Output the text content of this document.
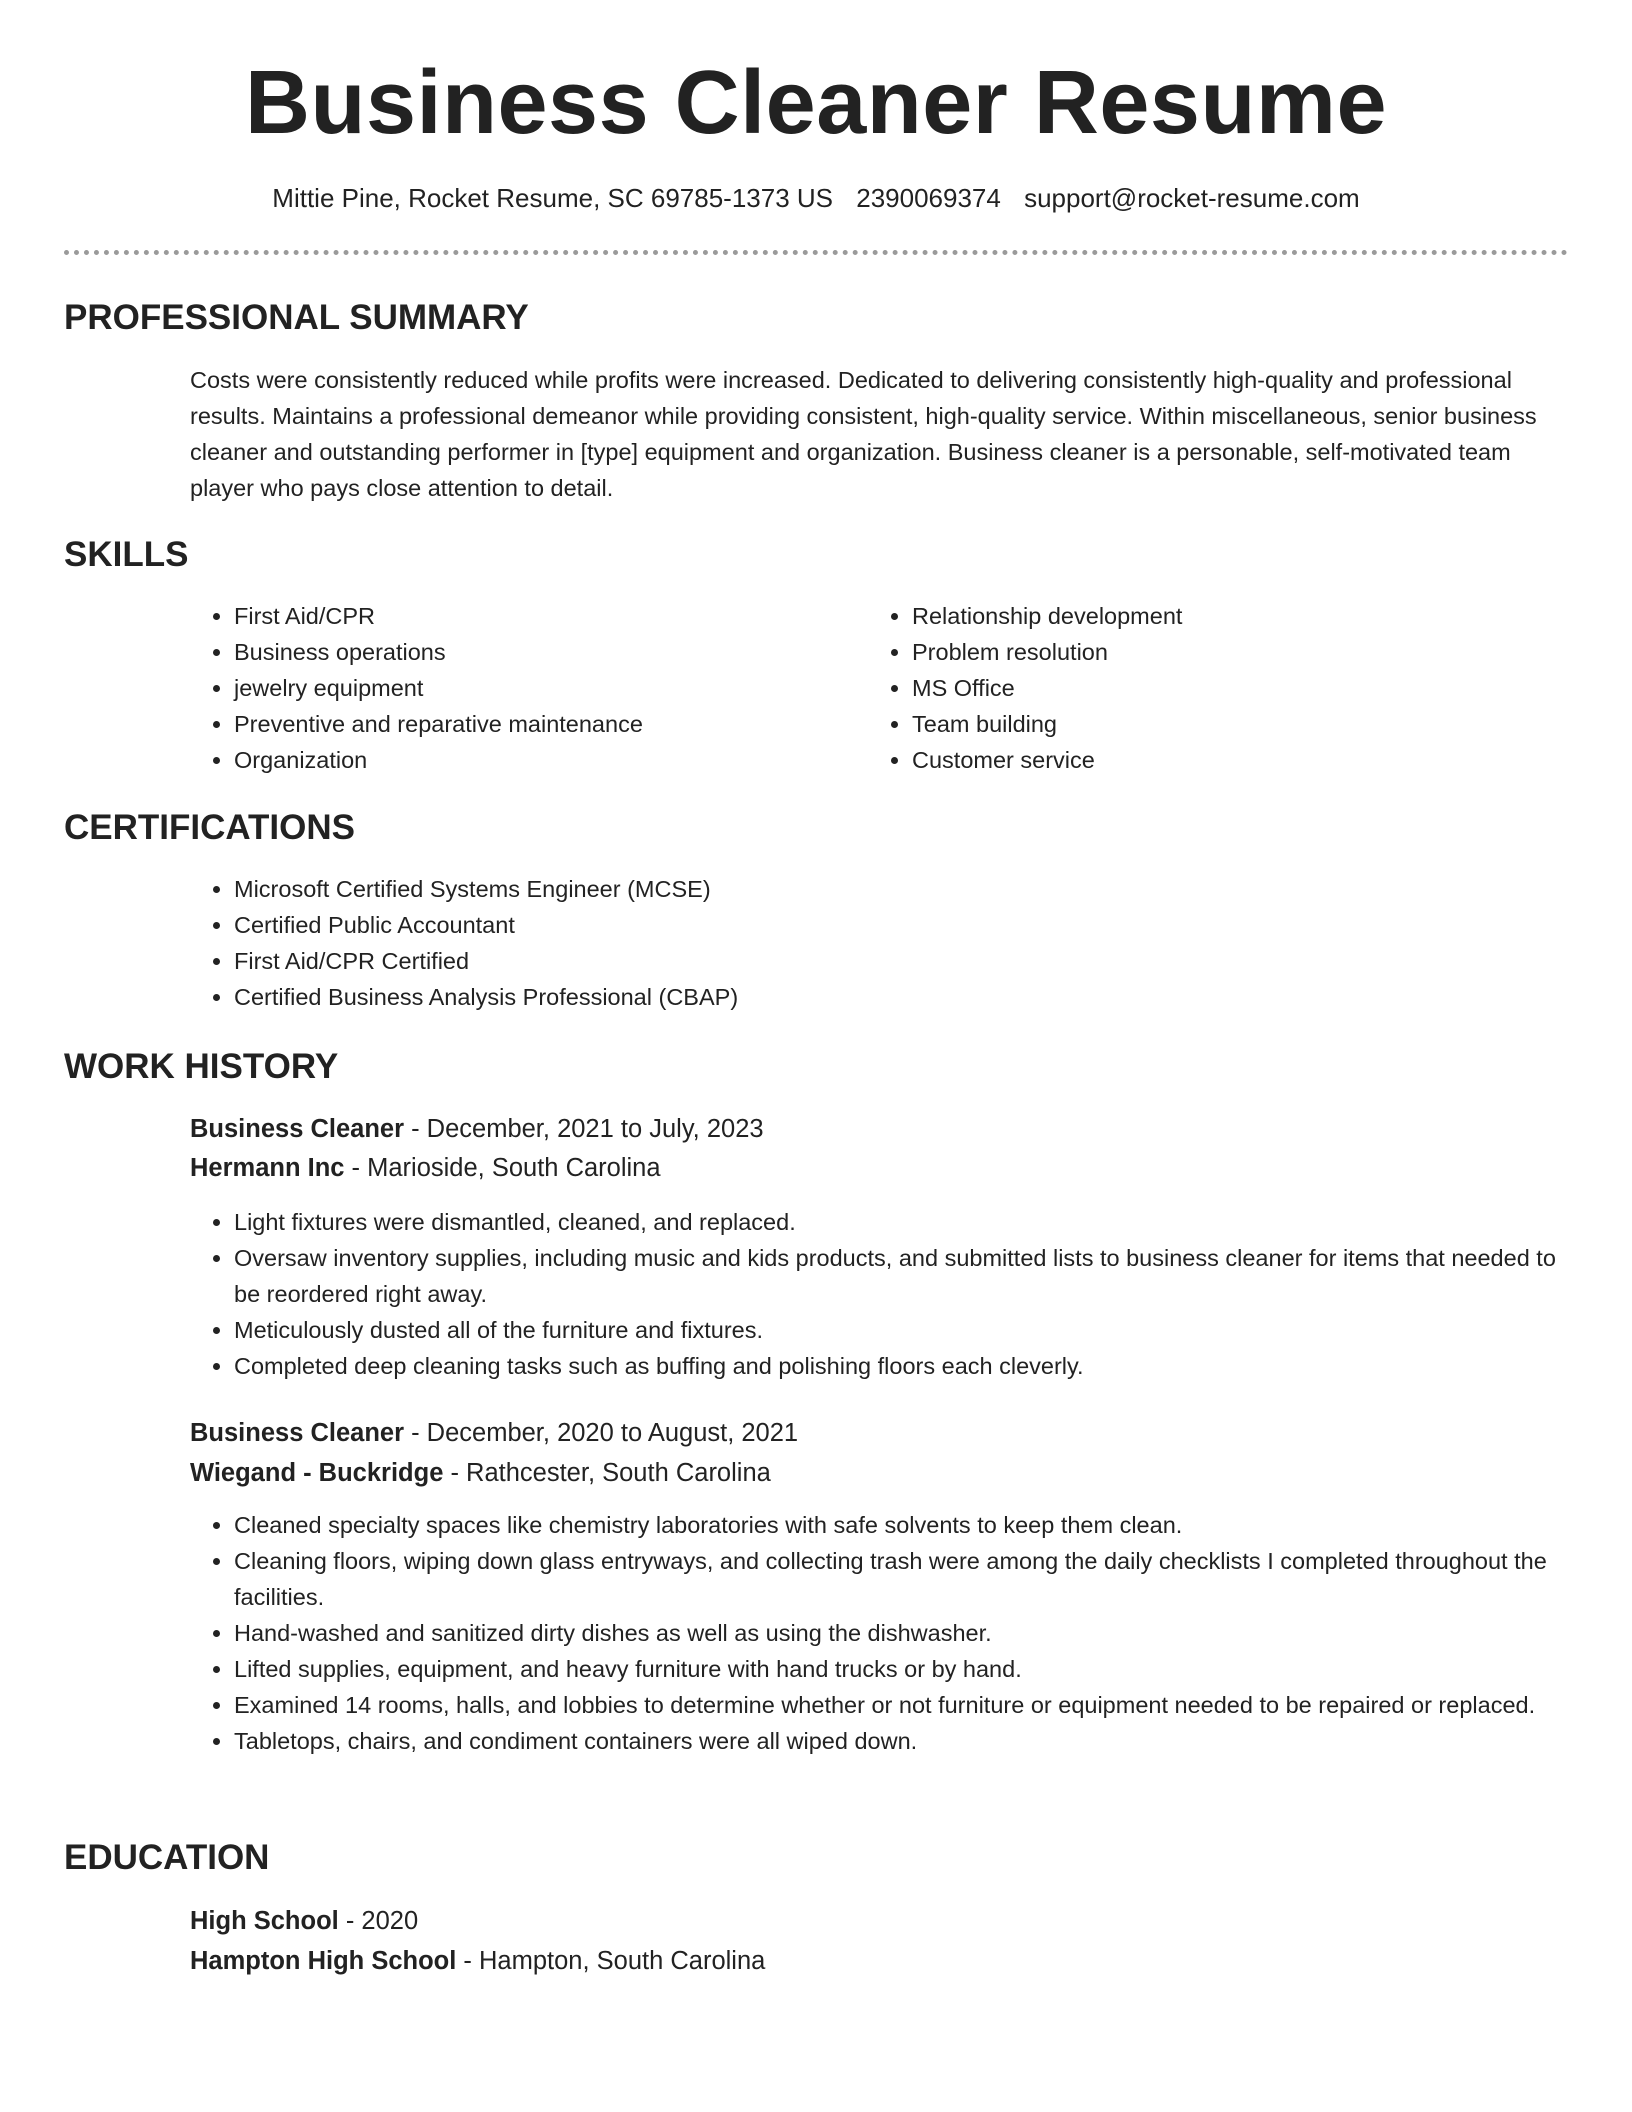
Business Cleaner Resume
Mittie Pine, Rocket Resume, SC 69785-1373 US 2390069374 support@rocket-resume.com
PROFESSIONAL SUMMARY

Costs were consistently reduced while profits were increased. Dedicated to delivering consistently high-quality and professional results. Maintains a professional demeanor while providing consistent, high-quality service. Within miscellaneous, senior business cleaner and outstanding performer in [type] equipment and organization. Business cleaner is a personable, self-motivated team player who pays close attention to detail.

SKILLS
• First Aid/CPR
• Business operations
• jewelry equipment
• Preventive and reparative maintenance
• Organization
• Relationship development
• Problem resolution
• MS Office
• Team building
• Customer service
CERTIFICATIONS
• Microsoft Certified Systems Engineer (MCSE)
• Certified Public Accountant
• First Aid/CPR Certified
• Certified Business Analysis Professional (CBAP)
WORK HISTORY
Business Cleaner - December, 2021 to July, 2023
Hermann Inc - Marioside, South Carolina
• Light fixtures were dismantled, cleaned, and replaced.
• Oversaw inventory supplies, including music and kids products, and submitted lists to business cleaner for items that needed to be reordered right away.
• Meticulously dusted all of the furniture and fixtures.
• Completed deep cleaning tasks such as buffing and polishing floors each cleverly.
Business Cleaner - December, 2020 to August, 2021
Wiegand - Buckridge - Rathcester, South Carolina
• Cleaned specialty spaces like chemistry laboratories with safe solvents to keep them clean.
• Cleaning floors, wiping down glass entryways, and collecting trash were among the daily checklists I completed throughout the facilities.
• Hand-washed and sanitized dirty dishes as well as using the dishwasher.
• Lifted supplies, equipment, and heavy furniture with hand trucks or by hand.
• Examined 14 rooms, halls, and lobbies to determine whether or not furniture or equipment needed to be repaired or replaced.
• Tabletops, chairs, and condiment containers were all wiped down.
EDUCATION
High School - 2020
Hampton High School - Hampton, South Carolina
